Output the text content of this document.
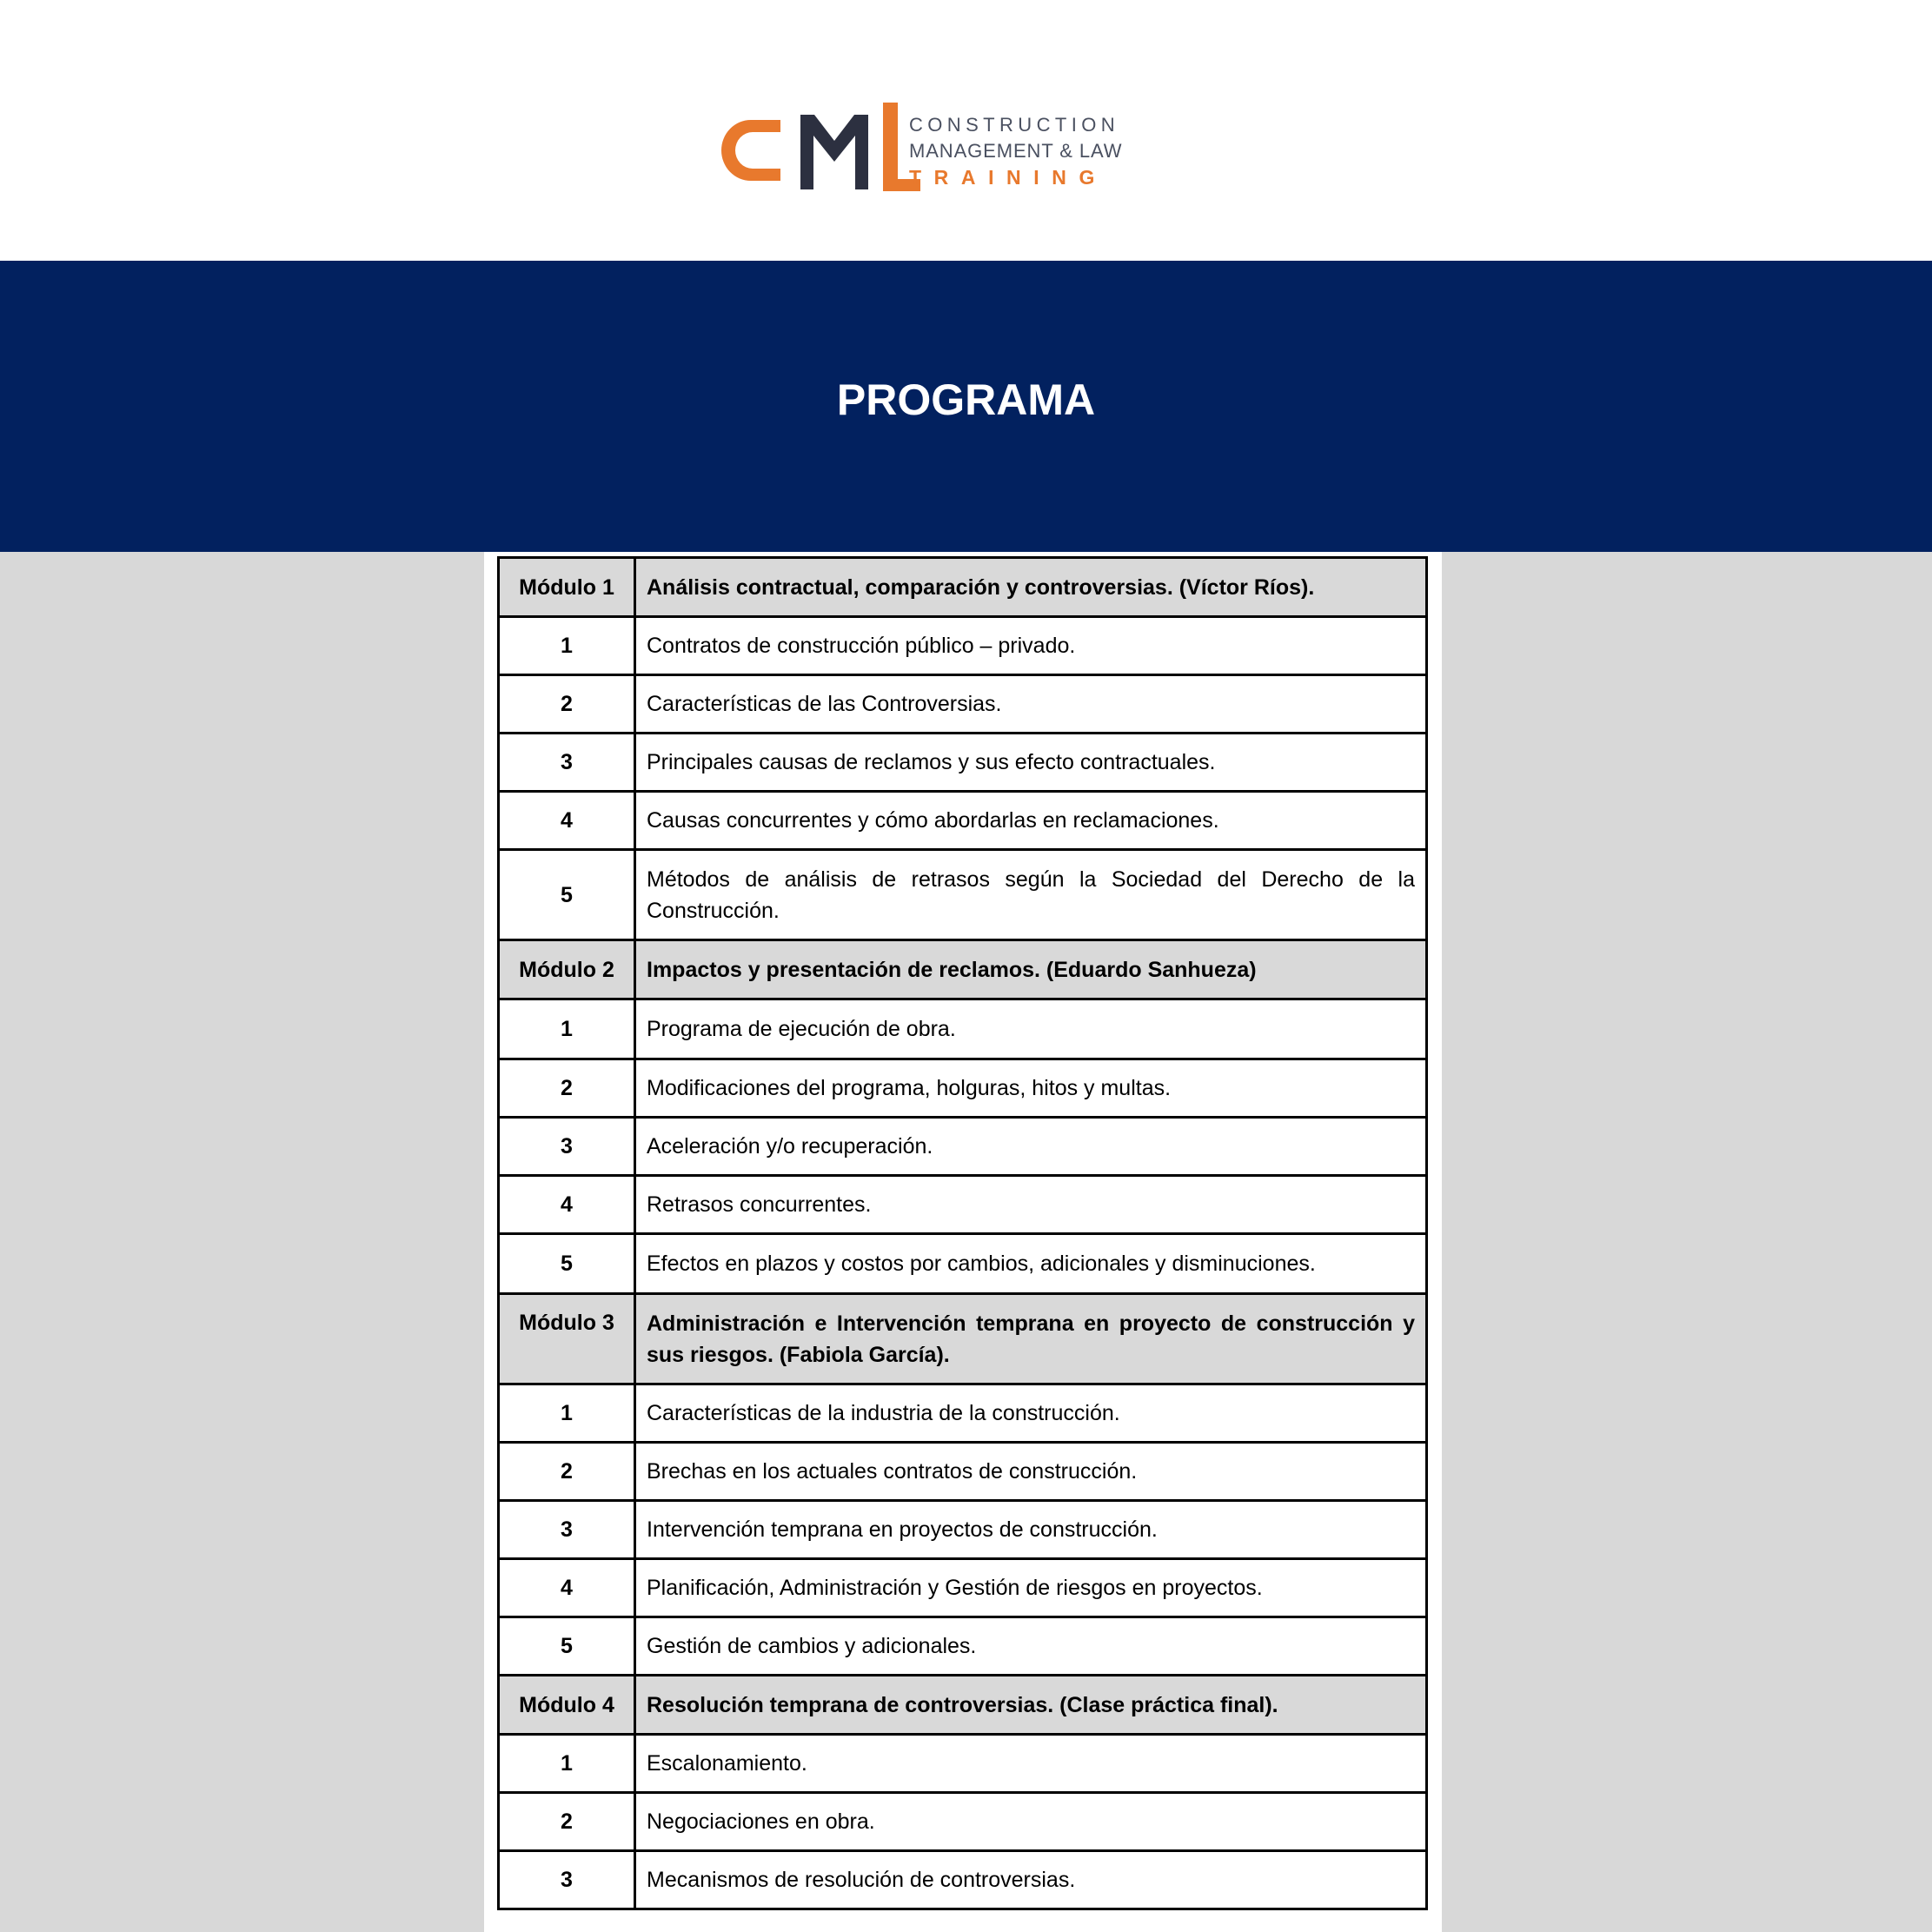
CONSTRUCTION
MANAGEMENT & LAW
TRAINING
PROGRAMA
Módulo 1	Análisis contractual, comparación y controversias. (Víctor Ríos).
1	Contratos de construcción público – privado.
2	Características de las Controversias.
3	Principales causas de reclamos y sus efecto contractuales.
4	Causas concurrentes y cómo abordarlas en reclamaciones.
5	Métodos de análisis de retrasos según la Sociedad del Derecho de la Construcción.
Módulo 2	Impactos y presentación de reclamos. (Eduardo Sanhueza)
1	Programa de ejecución de obra.
2	Modificaciones del programa, holguras, hitos y multas.
3	Aceleración y/o recuperación.
4	Retrasos concurrentes.
5	Efectos en plazos y costos por cambios, adicionales y disminuciones.
Módulo 3	Administración e Intervención temprana en proyecto de construcción y sus riesgos. (Fabiola García).
1	Características de la industria de la construcción.
2	Brechas en los actuales contratos de construcción.
3	Intervención temprana en proyectos de construcción.
4	Planificación, Administración y Gestión de riesgos en proyectos.
5	Gestión de cambios y adicionales.
Módulo 4	Resolución temprana de controversias. (Clase práctica final).
1	Escalonamiento.
2	Negociaciones en obra.
3	Mecanismos de resolución de controversias.
